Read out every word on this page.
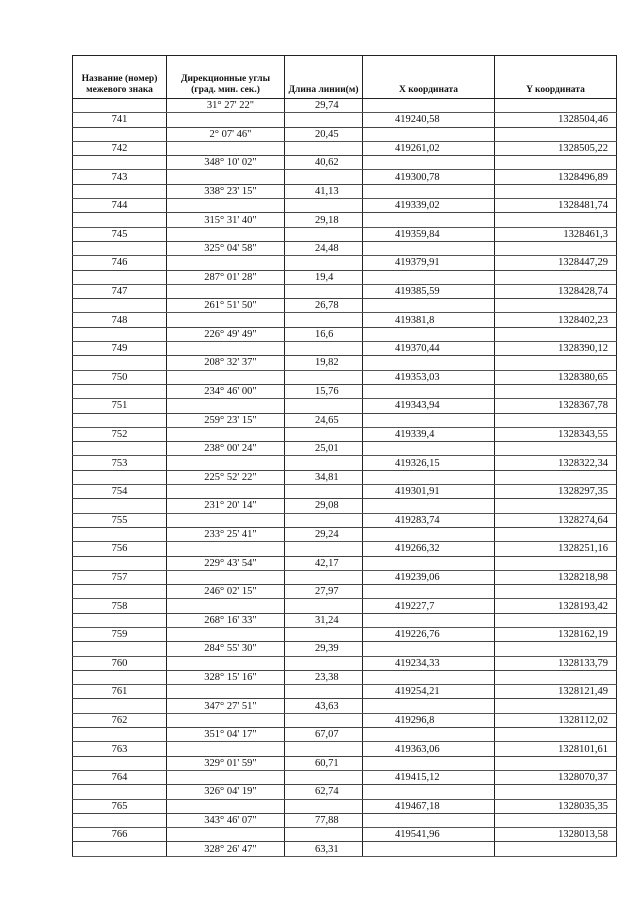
Название (номер) межевого знака	Дирекционные углы (град. мин. сек.)	Длина линии(м)	X координата	Y координата
	31° 27' 22"	29,74		
741			419240,58	1328504,46
	2° 07' 46"	20,45		
742			419261,02	1328505,22
	348° 10' 02"	40,62		
743			419300,78	1328496,89
	338° 23' 15"	41,13		
744			419339,02	1328481,74
	315° 31' 40"	29,18		
745			419359,84	1328461,3
	325° 04' 58"	24,48		
746			419379,91	1328447,29
	287° 01' 28"	19,4		
747			419385,59	1328428,74
	261° 51' 50"	26,78		
748			419381,8	1328402,23
	226° 49' 49"	16,6		
749			419370,44	1328390,12
	208° 32' 37"	19,82		
750			419353,03	1328380,65
	234° 46' 00"	15,76		
751			419343,94	1328367,78
	259° 23' 15"	24,65		
752			419339,4	1328343,55
	238° 00' 24"	25,01		
753			419326,15	1328322,34
	225° 52' 22"	34,81		
754			419301,91	1328297,35
	231° 20' 14"	29,08		
755			419283,74	1328274,64
	233° 25' 41"	29,24		
756			419266,32	1328251,16
	229° 43' 54"	42,17		
757			419239,06	1328218,98
	246° 02' 15"	27,97		
758			419227,7	1328193,42
	268° 16' 33"	31,24		
759			419226,76	1328162,19
	284° 55' 30"	29,39		
760			419234,33	1328133,79
	328° 15' 16"	23,38		
761			419254,21	1328121,49
	347° 27' 51"	43,63		
762			419296,8	1328112,02
	351° 04' 17"	67,07		
763			419363,06	1328101,61
	329° 01' 59"	60,71		
764			419415,12	1328070,37
	326° 04' 19"	62,74		
765			419467,18	1328035,35
	343° 46' 07"	77,88		
766			419541,96	1328013,58
	328° 26' 47"	63,31		
